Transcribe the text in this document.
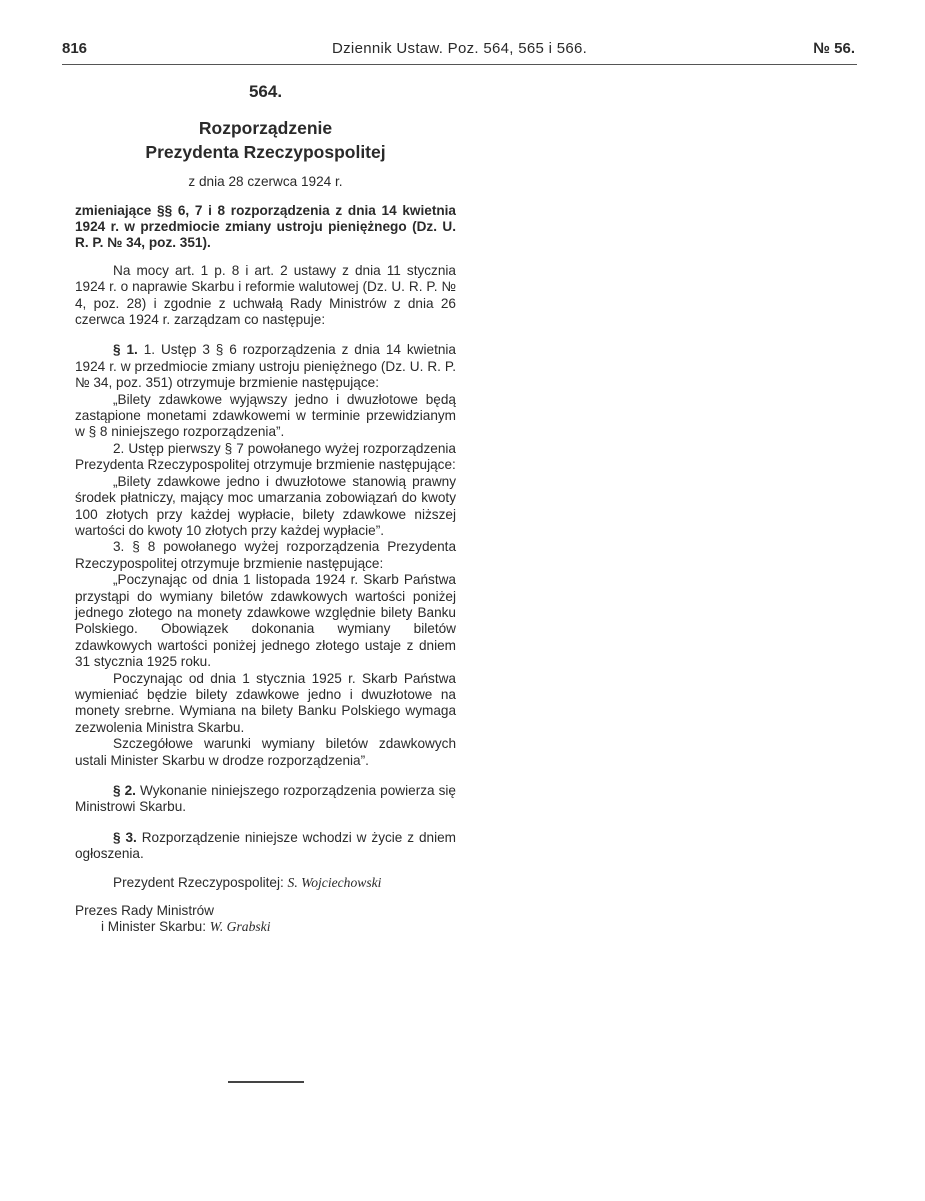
816	Dziennik Ustaw. Poz. 564, 565 i 566.	№ 56.
564.
Rozporządzenie
Prezydenta Rzeczypospolitej
z dnia 28 czerwca 1924 r.
zmieniające §§ 6, 7 i 8 rozporządzenia z dnia 14 kwietnia 1924 r. w przedmiocie zmiany ustroju pieniężnego (Dz. U. R. P. № 34, poz. 351).

Na mocy art. 1 p. 8 i art. 2 ustawy z dnia 11 stycznia 1924 r. o naprawie Skarbu i reformie walutowej (Dz. U. R. P. № 4, poz. 28) i zgodnie z uchwałą Rady Ministrów z dnia 26 czerwca 1924 r. zarządzam co następuje:

§ 1. 1. Ustęp 3 § 6 rozporządzenia z dnia 14 kwietnia 1924 r. w przedmiocie zmiany ustroju pieniężnego (Dz. U. R. P. № 34, poz. 351) otrzymuje brzmienie następujące:

„Bilety zdawkowe wyjąwszy jedno i dwuzłotowe będą zastąpione monetami zdawkowemi w terminie przewidzianym w § 8 niniejszego rozporządzenia”.

2. Ustęp pierwszy § 7 powołanego wyżej rozporządzenia Prezydenta Rzeczypospolitej otrzymuje brzmienie następujące:

„Bilety zdawkowe jedno i dwuzłotowe stanowią prawny środek płatniczy, mający moc umarzania zobowiązań do kwoty 100 złotych przy każdej wypłacie, bilety zdawkowe niższej wartości do kwoty 10 złotych przy każdej wypłacie”.

3. § 8 powołanego wyżej rozporządzenia Prezydenta Rzeczypospolitej otrzymuje brzmienie następujące:

„Poczynając od dnia 1 listopada 1924 r. Skarb Państwa przystąpi do wymiany biletów zdawkowych wartości poniżej jednego złotego na monety zdawkowe względnie bilety Banku Polskiego. Obowiązek dokonania wymiany biletów zdawkowych wartości poniżej jednego złotego ustaje z dniem 31 stycznia 1925 roku.

Poczynając od dnia 1 stycznia 1925 r. Skarb Państwa wymieniać będzie bilety zdawkowe jedno i dwuzłotowe na monety srebrne. Wymiana na bilety Banku Polskiego wymaga zezwolenia Ministra Skarbu.

Szczegółowe warunki wymiany biletów zdawkowych ustali Minister Skarbu w drodze rozporządzenia”.

§ 2. Wykonanie niniejszego rozporządzenia powierza się Ministrowi Skarbu.

§ 3. Rozporządzenie niniejsze wchodzi w życie z dniem ogłoszenia.

Prezydent Rzeczypospolitej: S. Wojciechowski
Prezes Rady Ministrów
i Minister Skarbu: W. Grabski
